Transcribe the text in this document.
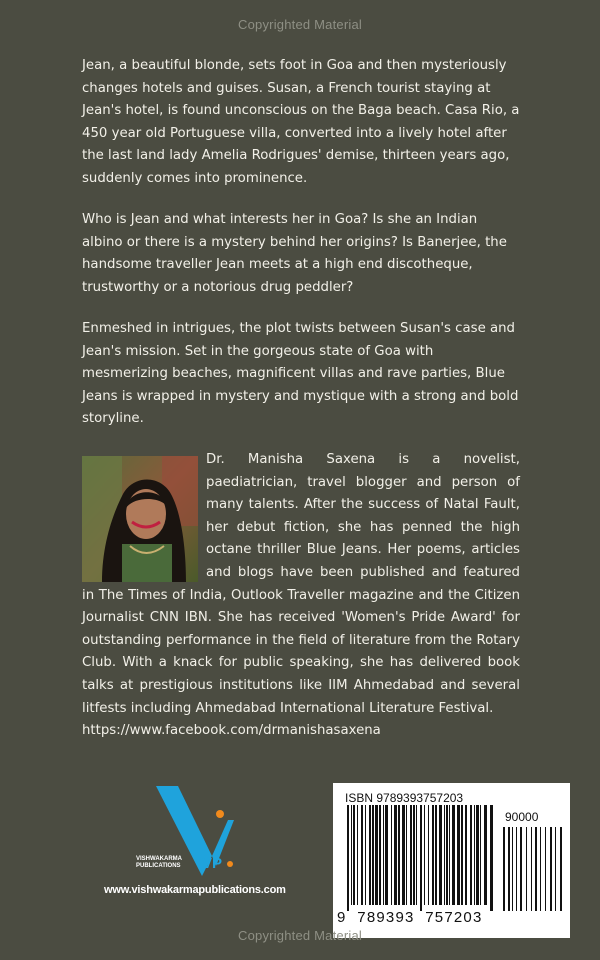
Copyrighted Material

Jean, a beautiful blonde, sets foot in Goa and then mysteriously changes hotels and guises. Susan, a French tourist staying at Jean's hotel, is found unconscious on the Baga beach. Casa Rio, a 450 year old Portuguese villa, converted into a lively hotel after the last land lady Amelia Rodrigues' demise, thirteen years ago, suddenly comes into prominence.

Who is Jean and what interests her in Goa? Is she an Indian albino or there is a mystery behind her origins? Is Banerjee, the handsome traveller Jean meets at a high end discotheque, trustworthy or a notorious drug peddler?

Enmeshed in intrigues, the plot twists between Susan's case and Jean's mission. Set in the gorgeous state of Goa with mesmerizing beaches, magnificent villas and rave parties, Blue Jeans is wrapped in mystery and mystique with a strong and bold storyline.

Dr. Manisha Saxena is a novelist, paediatrician, travel blogger and person of many talents. After the success of Natal Fault, her debut fiction, she has penned the high octane thriller Blue Jeans. Her poems, articles and blogs have been published and featured in The Times of India, Outlook Traveller magazine and the Citizen Journalist CNN IBN. She has received 'Women's Pride Award' for outstanding performance in the field of literature from the Rotary Club. With a knack for public speaking, she has delivered book talks at prestigious institutions like IIM Ahmedabad and several litfests including Ahmedabad International Literature Festival.
https://www.facebook.com/drmanishasaxena
VP
VISHWAKARMA
PUBLICATIONS
www.vishwakarmapublications.com
ISBN 9789393757203
90000
9  789393  757203
Copyrighted Material
